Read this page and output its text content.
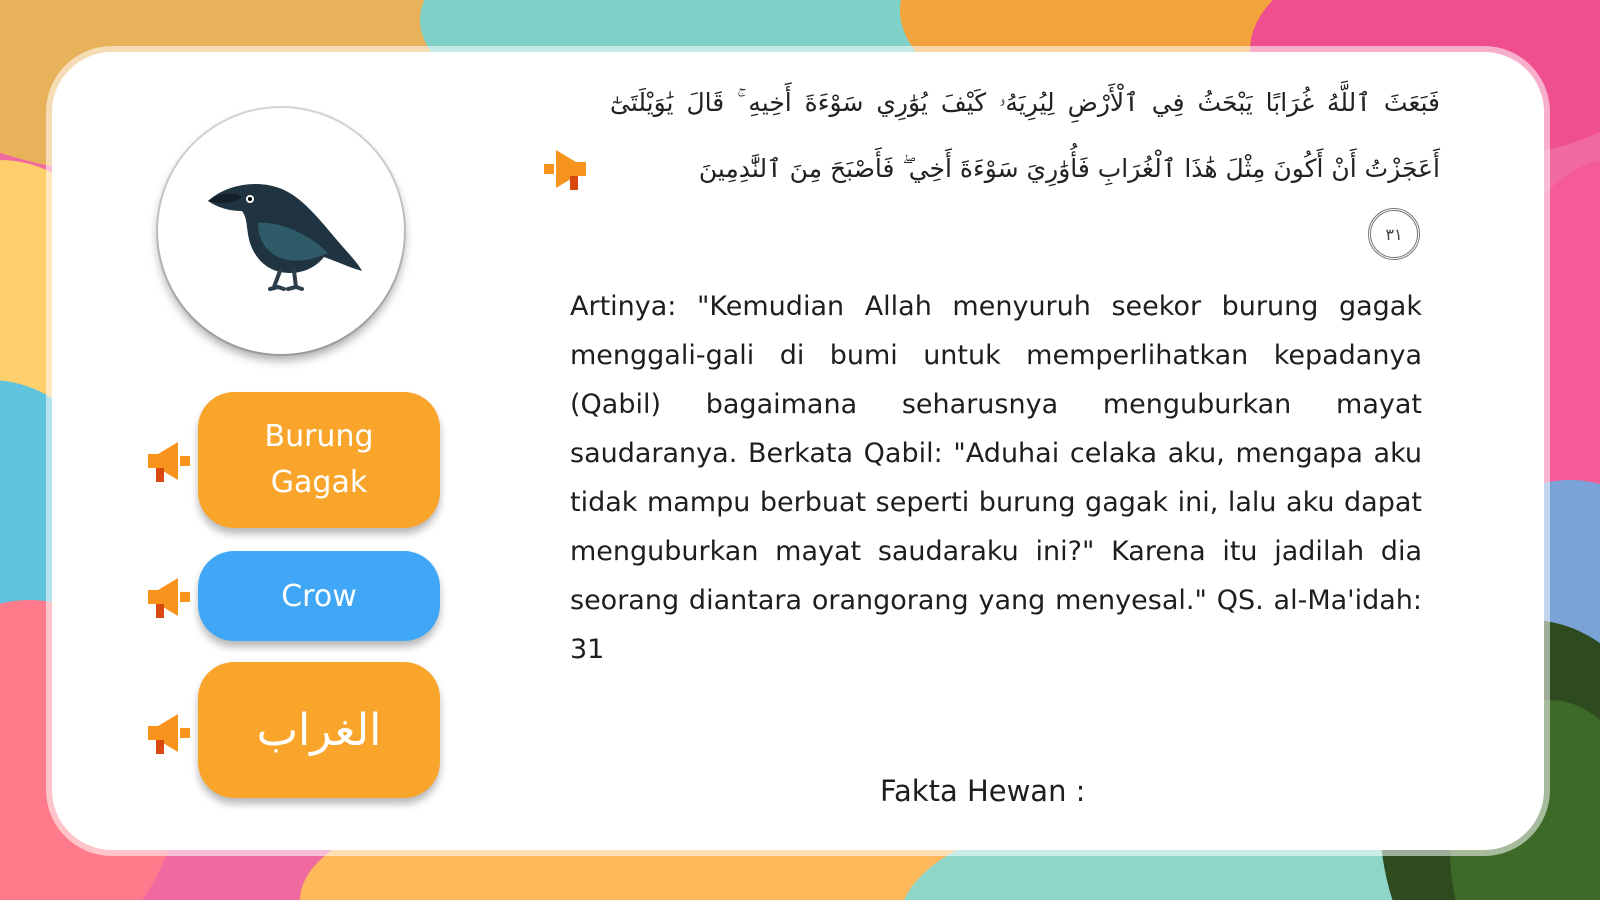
Burung Gagak
Crow
الغراب
فَبَعَثَ ٱللَّهُ غُرَابًا يَبْحَثُ فِي ٱلْأَرْضِ لِيُرِيَهُۥ كَيْفَ يُوَٰرِي سَوْءَةَ أَخِيهِ ۚ قَالَ يَٰوَيْلَتَىٰٓ أَعَجَزْتُ أَنْ أَكُونَ مِثْلَ هَٰذَا ٱلْغُرَابِ فَأُوَٰرِيَ سَوْءَةَ أَخِي ۖ فَأَصْبَحَ مِنَ ٱلنَّٰدِمِينَ
٣١

Artinya: "Kemudian Allah menyuruh seekor burung gagak menggali-gali di bumi untuk memperlihatkan kepadanya (Qabil) bagaimana seharusnya menguburkan mayat saudaranya. Berkata Qabil: "Aduhai celaka aku, mengapa aku tidak mampu berbuat seperti burung gagak ini, lalu aku dapat menguburkan mayat saudaraku ini?" Karena itu jadilah dia seorang diantara orangorang yang menyesal." QS. al-Ma'idah: 31

Fakta Hewan :
